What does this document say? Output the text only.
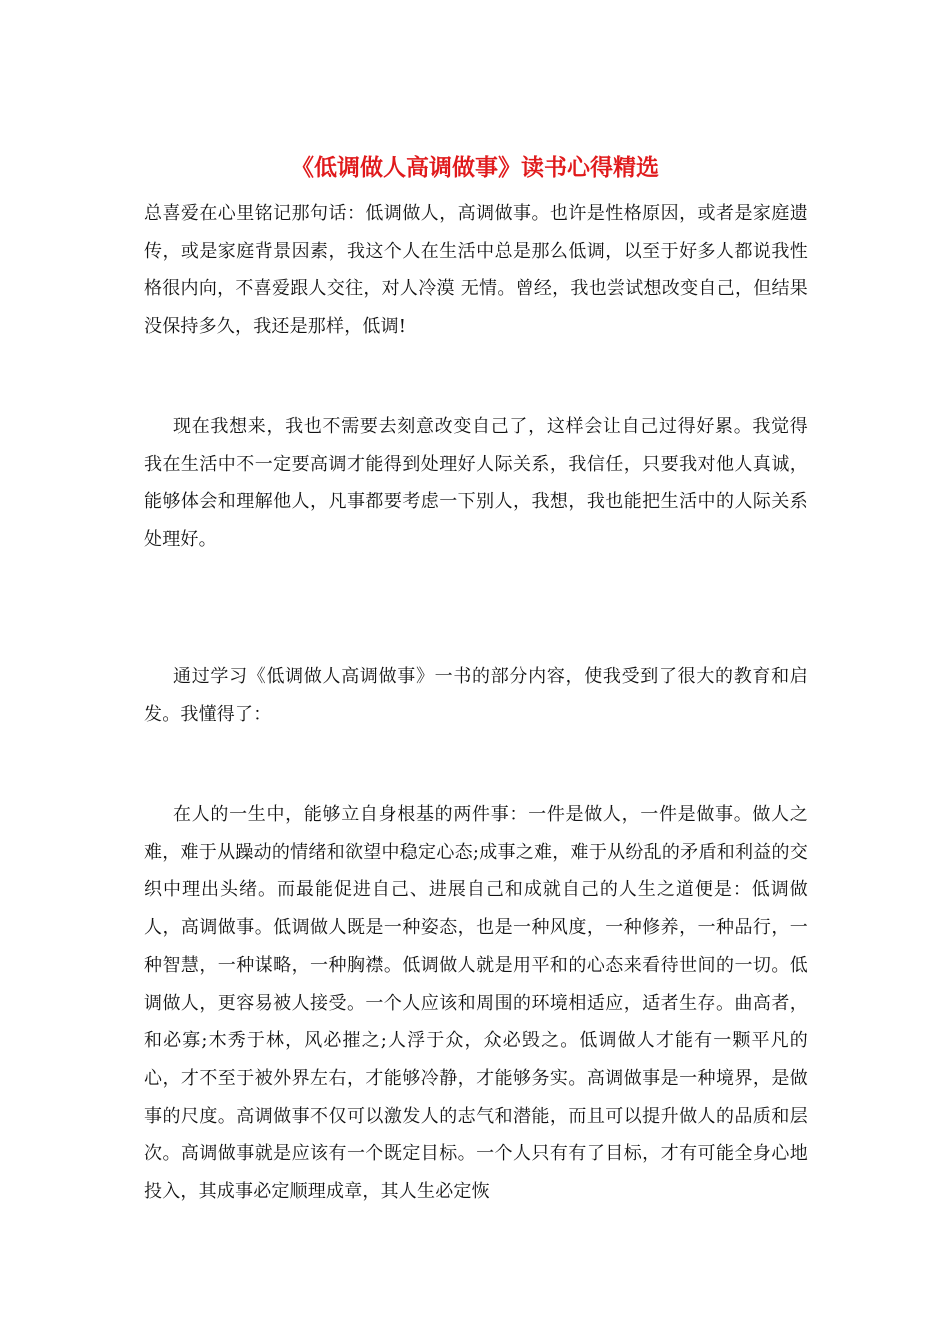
《低调做人高调做事》读书心得精选

总喜爱在心里铭记那句话：低调做人，高调做事。也许是性格原因，或者是家庭遗传，或是家庭背景因素，我这个人在生活中总是那么低调，以至于好多人都说我性格很内向，不喜爱跟人交往，对人冷漠 无情。曾经，我也尝试想改变自己，但结果没保持多久，我还是那样，低调!

现在我想来，我也不需要去刻意改变自己了，这样会让自己过得好累。我觉得我在生活中不一定要高调才能得到处理好人际关系，我信任，只要我对他人真诚，能够体会和理解他人，凡事都要考虑一下别人，我想，我也能把生活中的人际关系处理好。

通过学习《低调做人高调做事》一书的部分内容，使我受到了很大的教育和启发。我懂得了：

在人的一生中，能够立自身根基的两件事：一件是做人，一件是做事。做人之难，难于从躁动的情绪和欲望中稳定心态;成事之难，难于从纷乱的矛盾和利益的交织中理出头绪。而最能促进自己、进展自己和成就自己的人生之道便是：低调做人，高调做事。低调做人既是一种姿态，也是一种风度，一种修养，一种品行，一种智慧，一种谋略，一种胸襟。低调做人就是用平和的心态来看待世间的一切。低调做人，更容易被人接受。一个人应该和周围的环境相适应，适者生存。曲高者，和必寡;木秀于林，风必摧之;人浮于众，众必毁之。低调做人才能有一颗平凡的心，才不至于被外界左右，才能够冷静，才能够务实。高调做事是一种境界，是做事的尺度。高调做事不仅可以激发人的志气和潜能，而且可以提升做人的品质和层次。高调做事就是应该有一个既定目标。一个人只有有了目标，才有可能全身心地投入，其成事必定顺理成章，其人生必定恢
